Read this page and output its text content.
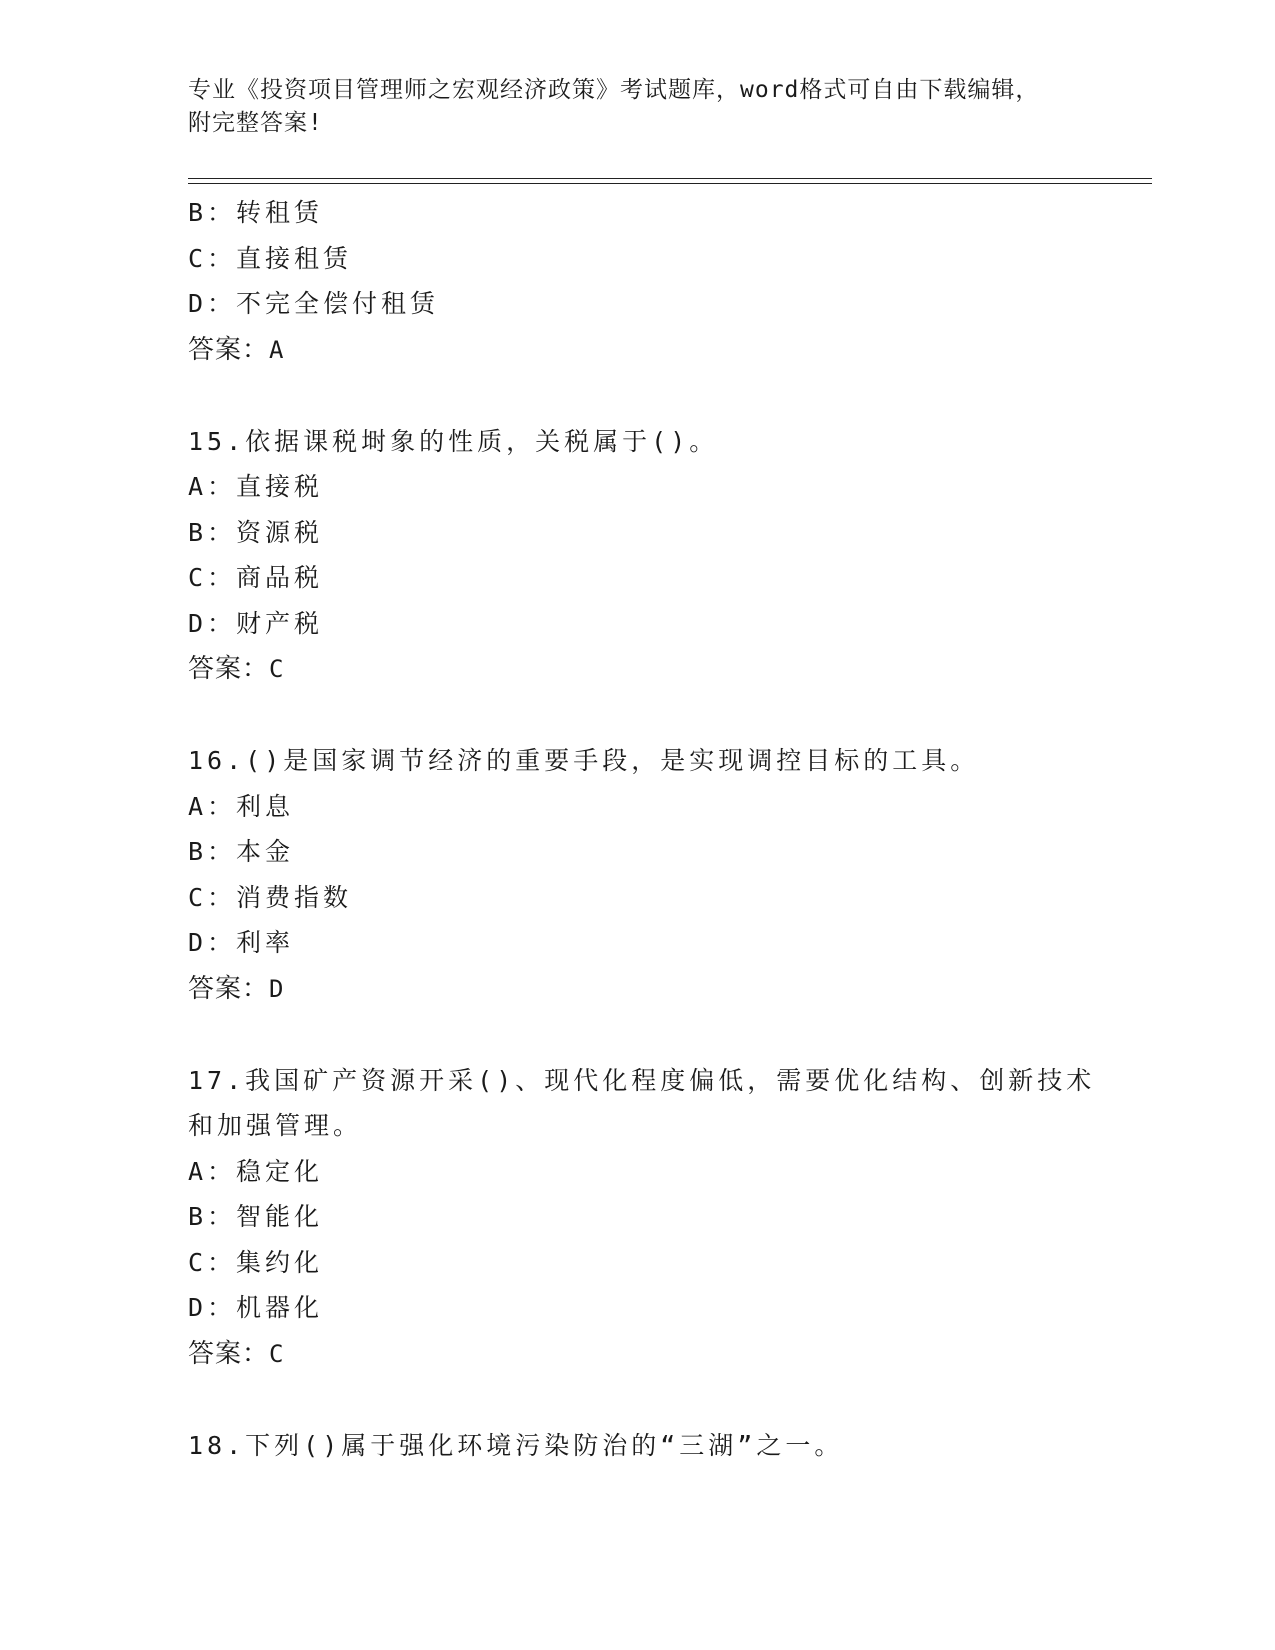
专业《投资项目管理师之宏观经济政策》考试题库，word格式可自由下载编辑，
附完整答案!
B：转租赁
C：直接租赁
D：不完全偿付租赁
答案：A
15.依据课税埘象的性质，关税属于()。
A：直接税
B：资源税
C：商品税
D：财产税
答案：C
16.()是国家调节经济的重要手段，是实现调控目标的工具。
A：利息
B：本金
C：消费指数
D：利率
答案：D
17.我国矿产资源开采()、现代化程度偏低，需要优化结构、创新技术
和加强管理。
A：稳定化
B：智能化
C：集约化
D：机器化
答案：C
18.下列()属于强化环境污染防治的“三湖”之一。
